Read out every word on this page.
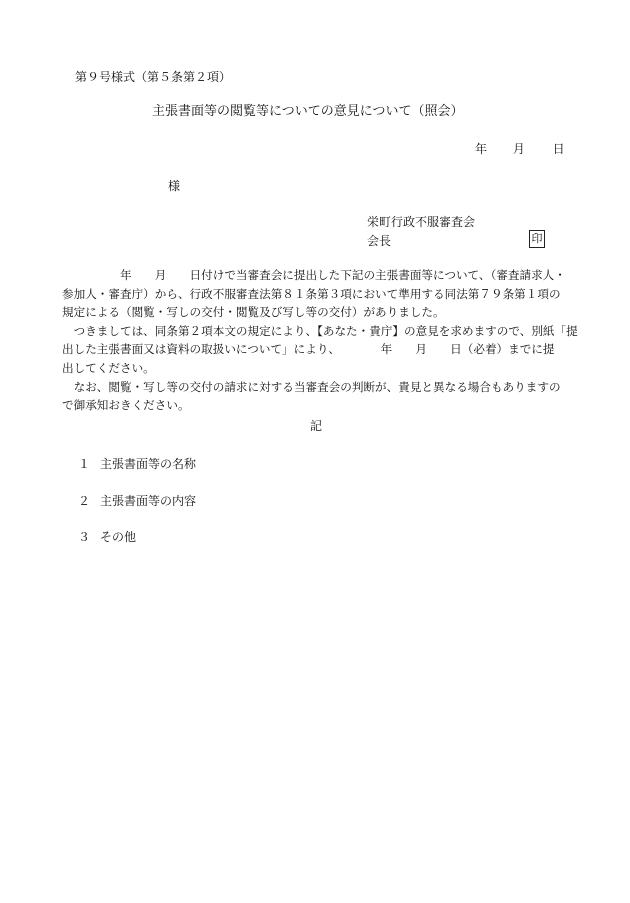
第９号様式（第５条第２項）
主張書面等の閲覧等についての意見について（照会）
年 月 日
様
栄町行政不服審査会
会長	印
　　　　　年　　月　　日付けで当審査会に提出した下記の主張書面等について、（審査請求人・
参加人・審査庁）から、行政不服審査法第８１条第３項において準用する同法第７９条第１項の
規定による（閲覧・写しの交付・閲覧及び写し等の交付）がありました。
　つきましては、同条第２項本文の規定により、【あなた・貴庁】の意見を求めますので、別紙「提
出した主張書面又は資料の取扱いについて」により、　　　　年　　月　　日（必着）までに提
出してください。
　なお、閲覧・写し等の交付の請求に対する当審査会の判断が、貴見と異なる場合もありますの
で御承知おきください。
記
１ 主張書面等の名称
２ 主張書面等の内容
３ その他
